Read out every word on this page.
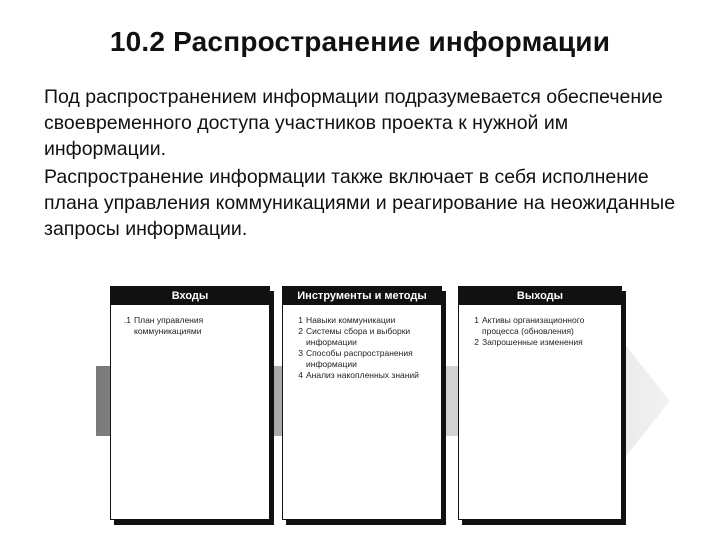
10.2 Распространение информации

Под распространением информации подразумевается обеспечение своевременного доступа участников проекта к нужной им информации.

Распространение информации также включает в себя исполнение плана управления коммуникациями и реагирование на неожиданные запросы информации.

Входы
.1 План управления
коммуникациями
Инструменты и методы
1 Навыки коммуникации
2 Системы сбора и выборки
информации
3 Способы распространения
информации
4 Анализ накопленных знаний
Выходы
1 Активы организационного
процесса (обновления)
2 Запрошенные изменения
